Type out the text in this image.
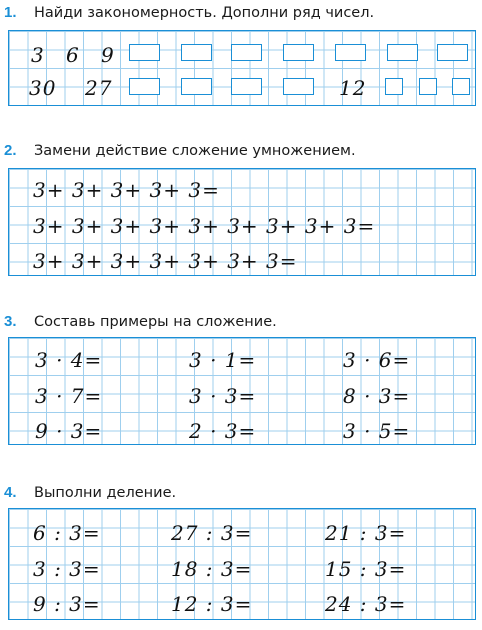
1. Найди закономерность. Дополни ряд чисел.
3 6 9
30 27	12
2. Замени действие сложение умножением.
3+ 3+ 3+ 3+ 3=
3+ 3+ 3+ 3+ 3+ 3+ 3+ 3+ 3=
3+ 3+ 3+ 3+ 3+ 3+ 3=
3. Составь примеры на сложение.
3 · 4=
3 · 7=
9 · 3=
3 · 1=
3 · 3=
2 · 3=
3 · 6=
8 · 3=
3 · 5=
4. Выполни деление.
6 : 3=
3 : 3=
9 : 3=
27 : 3=
18 : 3=
12 : 3=
21 : 3=
15 : 3=
24 : 3=
